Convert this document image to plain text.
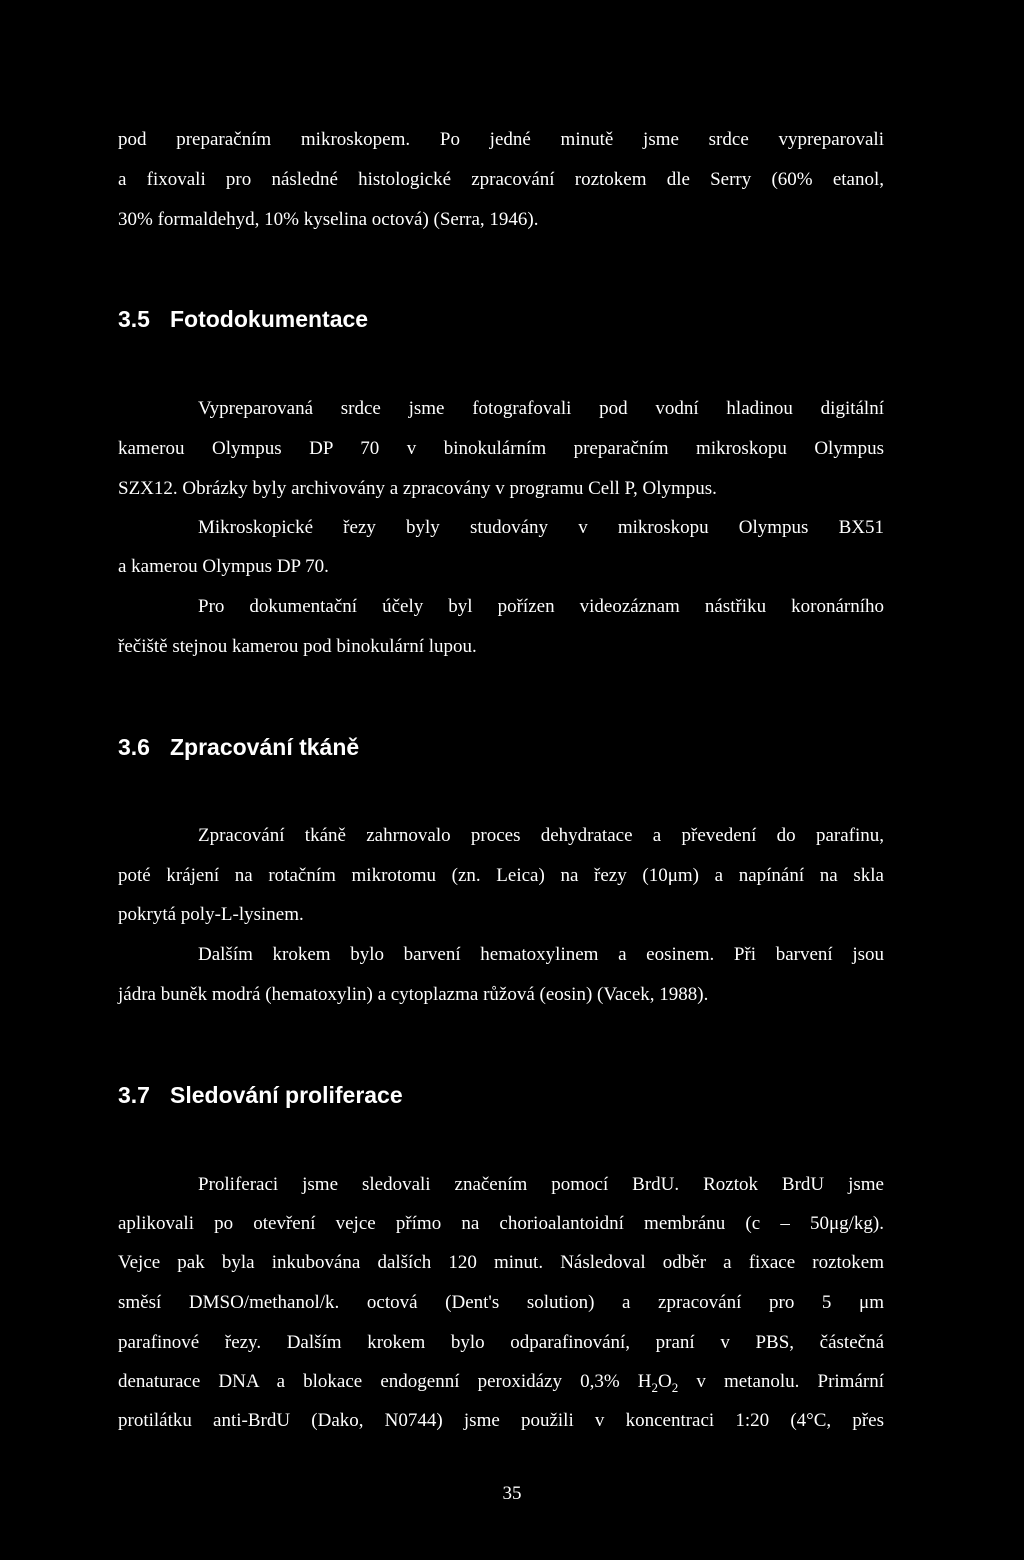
pod preparačním mikroskopem. Po jedné minutě jsme srdce vypreparovali
a fixovali pro následné histologické zpracování roztokem dle Serry (60% etanol,
30% formaldehyd, 10% kyselina octová) (Serra, 1946).
3.5 Fotodokumentace
Vypreparovaná srdce jsme fotografovali pod vodní hladinou digitální
kamerou Olympus DP 70 v binokulárním preparačním mikroskopu Olympus
SZX12. Obrázky byly archivovány a zpracovány v programu Cell P, Olympus.
Mikroskopické řezy byly studovány v mikroskopu Olympus BX51
a kamerou Olympus DP 70.
Pro dokumentační účely byl pořízen videozáznam nástřiku koronárního
řečiště stejnou kamerou pod binokulární lupou.
3.6 Zpracování tkáně
Zpracování tkáně zahrnovalo proces dehydratace a převedení do parafinu,
poté krájení na rotačním mikrotomu (zn. Leica) na řezy (10μm) a napínání na skla
pokrytá poly-L-lysinem.
Dalším krokem bylo barvení hematoxylinem a eosinem. Při barvení jsou
jádra buněk modrá (hematoxylin) a cytoplazma růžová (eosin) (Vacek, 1988).
3.7 Sledování proliferace
Proliferaci jsme sledovali značením pomocí BrdU. Roztok BrdU jsme
aplikovali po otevření vejce přímo na chorioalantoidní membránu (c – 50μg/kg).
Vejce pak byla inkubována dalších 120 minut. Následoval odběr a fixace roztokem
směsí DMSO/methanol/k. octová (Dent's solution) a zpracování pro 5 μm
parafinové řezy. Dalším krokem bylo odparafinování, praní v PBS, částečná
denaturace DNA a blokace endogenní peroxidázy 0,3% $H_2O_2$ v metanolu. Primární
protilátku anti-BrdU (Dako, N0744) jsme použili v koncentraci 1:20 (4°C, přes
35
